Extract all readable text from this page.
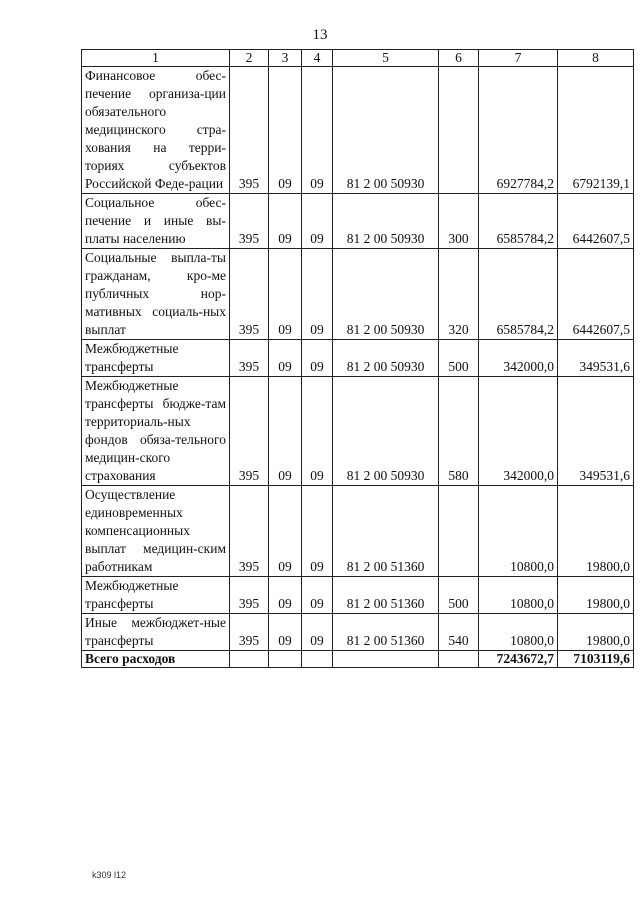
13
1	2	3	4	5	6	7	8
Финансовое обес-печение организа-ции обязательного медицинского стра-хования на терри-ториях субъектов Российской Феде-рации	395	09	09	81 2 00 50930		6927784,2	6792139,1
Социальное обес-печение и иные вы-платы населению	395	09	09	81 2 00 50930	300	6585784,2	6442607,5
Социальные выпла-ты гражданам, кро-ме публичных нор-мативных социаль-ных выплат	395	09	09	81 2 00 50930	320	6585784,2	6442607,5
Межбюджетные трансферты	395	09	09	81 2 00 50930	500	342000,0	349531,6
Межбюджетные трансферты бюдже-там территориаль-ных фондов обяза-тельного медицин-ского страхования	395	09	09	81 2 00 50930	580	342000,0	349531,6
Осуществление единовременных компенсационных выплат медицин-ским работникам	395	09	09	81 2 00 51360		10800,0	19800,0
Межбюджетные трансферты	395	09	09	81 2 00 51360	500	10800,0	19800,0
Иные межбюджет-ные трансферты	395	09	09	81 2 00 51360	540	10800,0	19800,0
Всего расходов						7243672,7	7103119,6
k309 l12
